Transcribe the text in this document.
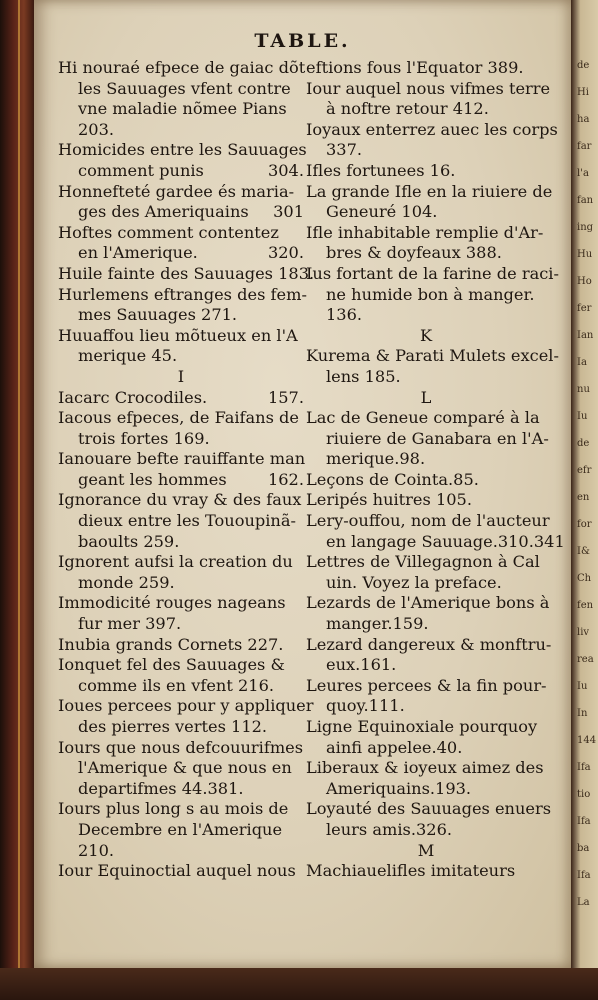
de
Hi
ha
far
l'a
fan
ing
Hu
Ho
fer
Ian
Ia
nu
Iu
de
efr
en
for
I&
Ch
fen
liv
rea
Iu
In
144
Ifa
tio
Ifa
ba
Ifa
La
TABLE.
Hi nouraé efpece de gaiac dõt
les Sauuages vfent contre
vne maladie nõmee Pians
203.
Homicides entre les Sauuages
comment punis	304.
Honnefteté gardee és maria-
ges des Ameriquains 301
Hoftes comment contentez
en l'Amerique.	320.
Huile fainte des Sauuages 183.
Hurlemens eftranges des fem-
mes Sauuages 271.
Huuaffou lieu mõtueux en l'A
merique 45.
I
Iacarc Crocodiles.	157.
Iacous efpeces, de Faifans de
trois fortes 169.
Ianouare befte rauiffante man
geant les hommes	162.
Ignorance du vray & des faux
dieux entre les Tououpinã-
baoults 259.
Ignorent aufsi la creation du
monde 259.
Immodicité rouges nageans
fur mer 397.
Inubia grands Cornets 227.
Ionquet fel des Sauuages &
comme ils en vfent 216.
Ioues percees pour y appliquer
des pierres vertes 112.
Iours que nous defcouurifmes
l'Amerique & que nous en
departifmes 44.381.
Iours plus long s au mois de
Decembre en l'Amerique
210.
Iour Equinoctial auquel nous
eftions fous l'Equator 389.
Iour auquel nous vifmes terre
à noftre retour 412.
Ioyaux enterrez auec les corps
337.
Ifles fortunees 16.
La grande Ifle en la riuiere de
Geneuré 104.
Ifle inhabitable remplie d'Ar-
bres & doyfeaux 388.
Ius fortant de la farine de raci-
ne humide bon à manger.
136.
K
Kurema & Parati Mulets excel-
lens 185.
L
Lac de Geneue comparé à la
riuiere de Ganabara en l'A-
merique.98.
Leçons de Cointa.85.
Leripés huitres 105.
Lery-ouffou, nom de l'aucteur
en langage Sauuage.310.341
Lettres de Villegagnon à Cal
uin. Voyez la preface.
Lezards de l'Amerique bons à
manger.159.
Lezard dangereux & monftru-
eux.161.
Leures percees & la fin pour-
quoy.111.
Ligne Equinoxiale pourquoy
ainfi appelee.40.
Liberaux & ioyeux aimez des
Ameriquains.193.
Loyauté des Sauuages enuers
leurs amis.326.
M
Machiauelifles imitateurs
